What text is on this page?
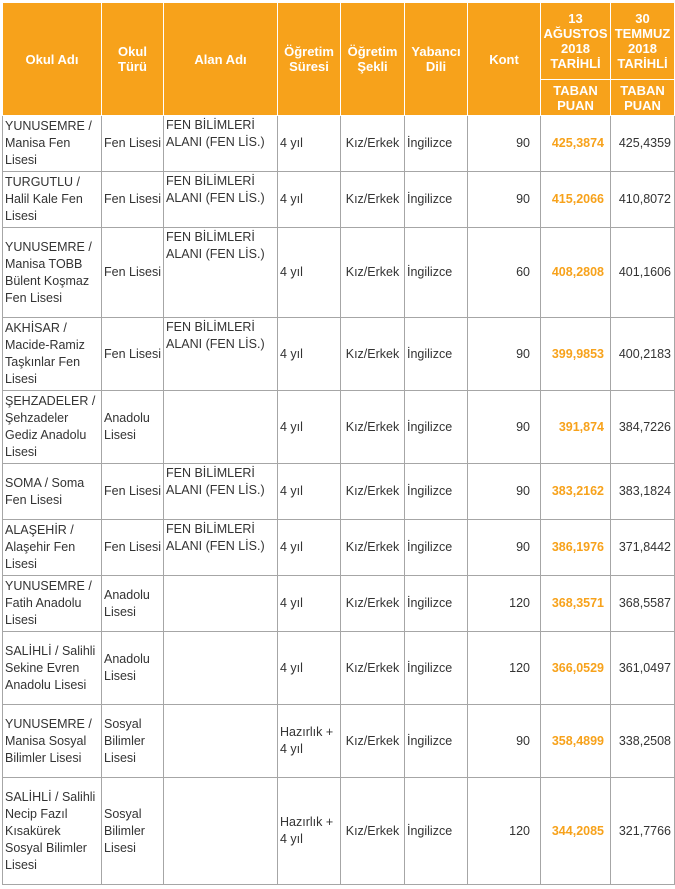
Okul Adı	Okul Türü	Alan Adı	Öğretim Süresi	Öğretim Şekli	Yabancı Dili	Kont	13 AĞUSTOS 2018 TARİHLİ	30 TEMMUZ 2018 TARİHLİ
							TABAN PUAN	TABAN PUAN
YUNUSEMRE / Manisa Fen Lisesi	Fen Lisesi	FEN BİLİMLERİ ALANI (FEN LİS.)	4 yıl	Kız/Erkek	İngilizce	90	425,3874	425,4359
TURGUTLU / Halil Kale Fen Lisesi	Fen Lisesi	FEN BİLİMLERİ ALANI (FEN LİS.)	4 yıl	Kız/Erkek	İngilizce	90	415,2066	410,8072
YUNUSEMRE / Manisa TOBB Bülent Koşmaz Fen Lisesi	Fen Lisesi	FEN BİLİMLERİ ALANI (FEN LİS.)	4 yıl	Kız/Erkek	İngilizce	60	408,2808	401,1606
AKHİSAR / Macide-Ramiz Taşkınlar Fen Lisesi	Fen Lisesi	FEN BİLİMLERİ ALANI (FEN LİS.)	4 yıl	Kız/Erkek	İngilizce	90	399,9853	400,2183
ŞEHZADELER / Şehzadeler Gediz Anadolu Lisesi	Anadolu Lisesi		4 yıl	Kız/Erkek	İngilizce	90	391,874	384,7226
SOMA / Soma Fen Lisesi	Fen Lisesi	FEN BİLİMLERİ ALANI (FEN LİS.)	4 yıl	Kız/Erkek	İngilizce	90	383,2162	383,1824
ALAŞEHİR / Alaşehir Fen Lisesi	Fen Lisesi	FEN BİLİMLERİ ALANI (FEN LİS.)	4 yıl	Kız/Erkek	İngilizce	90	386,1976	371,8442
YUNUSEMRE / Fatih Anadolu Lisesi	Anadolu Lisesi		4 yıl	Kız/Erkek	İngilizce	120	368,3571	368,5587
SALİHLİ / Salihli Sekine Evren Anadolu Lisesi	Anadolu Lisesi		4 yıl	Kız/Erkek	İngilizce	120	366,0529	361,0497
YUNUSEMRE / Manisa Sosyal Bilimler Lisesi	Sosyal Bilimler Lisesi		Hazırlık + 4 yıl	Kız/Erkek	İngilizce	90	358,4899	338,2508
SALİHLİ / Salihli Necip Fazıl Kısakürek Sosyal Bilimler Lisesi	Sosyal Bilimler Lisesi		Hazırlık + 4 yıl	Kız/Erkek	İngilizce	120	344,2085	321,7766
